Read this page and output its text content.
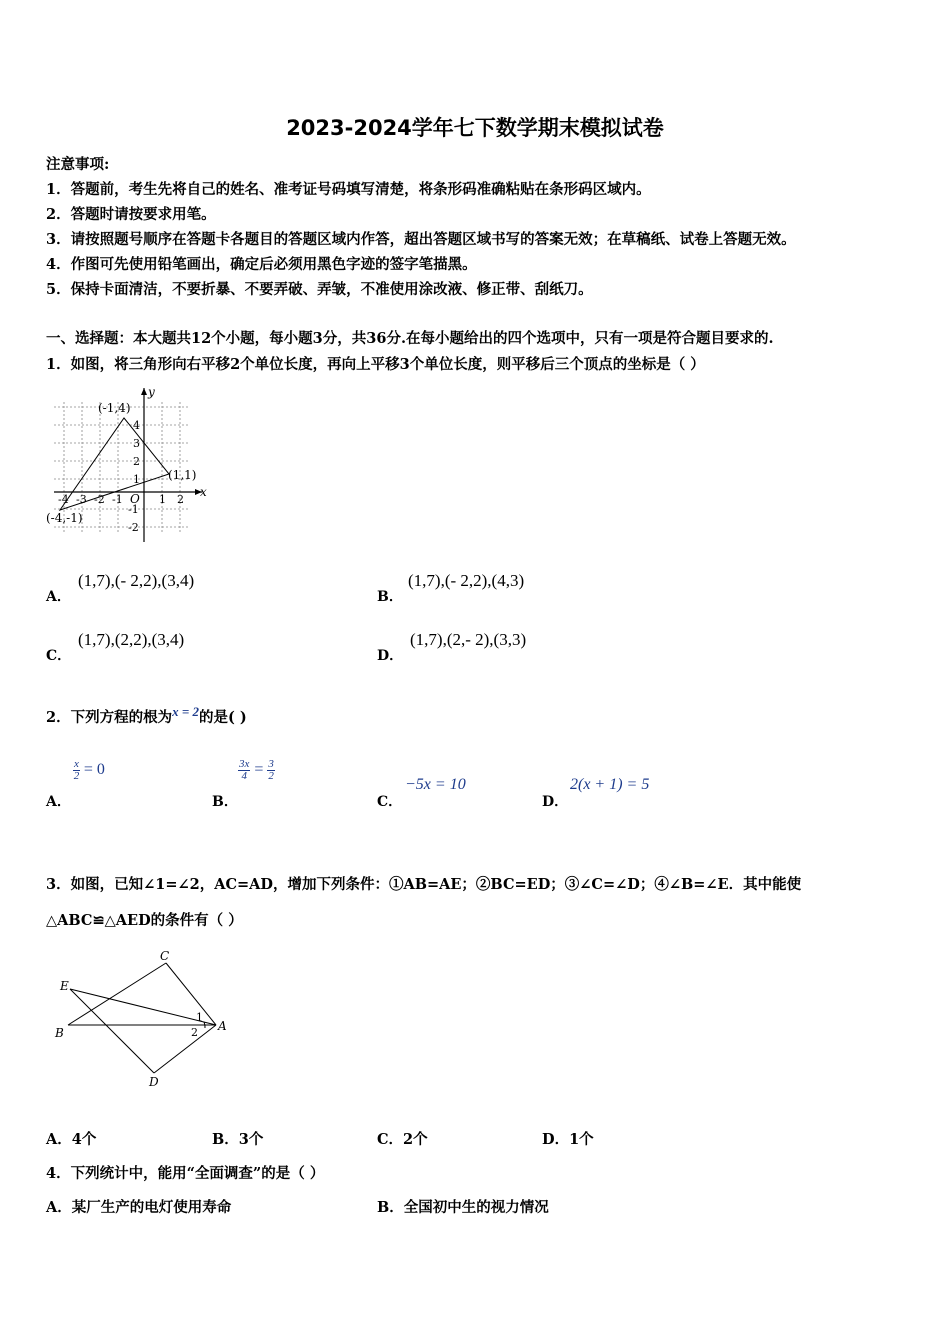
2023-2024学年七下数学期末模拟试卷
注意事项:
1．答题前，考生先将自己的姓名、准考证号码填写清楚，将条形码准确粘贴在条形码区域内。
2．答题时请按要求用笔。
3．请按照题号顺序在答题卡各题目的答题区域内作答，超出答题区域书写的答案无效；在草稿纸、试卷上答题无效。
4．作图可先使用铅笔画出，确定后必须用黑色字迹的签字笔描黑。
5．保持卡面清洁，不要折暴、不要弄破、弄皱，不准使用涂改液、修正带、刮纸刀。
一、选择题：本大题共12个小题，每小题3分，共36分.在每小题给出的四个选项中，只有一项是符合题目要求的.
1．如图，将三角形向右平移2个单位长度，再向上平移3个单位长度，则平移后三个顶点的坐标是（ ）
(-1,4)
(1,1)
(-4,-1)
x
y
O
-4 -3 -2 -1	1 2
4
3
2
1
-1
-2
A．
(1,7),(- 2,2),(3,4)
B．
(1,7),(- 2,2),(4,3)
C．
(1,7),(2,2),(3,4)
D．
(1,7),(2,- 2),(3,3)
2．下列方程的根为x = 2的是( )
A．
$\frac{x}{2} = 0$
B．
$\frac{3x}{4} = \frac{3}{2}$
C．
−5x = 10
D．
2(x + 1) = 5
3．如图，已知∠1=∠2，AC=AD，增加下列条件：①AB=AE；②BC=ED；③∠C=∠D；④∠B=∠E．其中能使
△ABC≌△AED的条件有（ ）
E
B
C
D
A
1
2
A．4个	B．3个	C．2个	D．1个
4．下列统计中，能用“全面调查”的是（ ）
A．某厂生产的电灯使用寿命	B．全国初中生的视力情况
